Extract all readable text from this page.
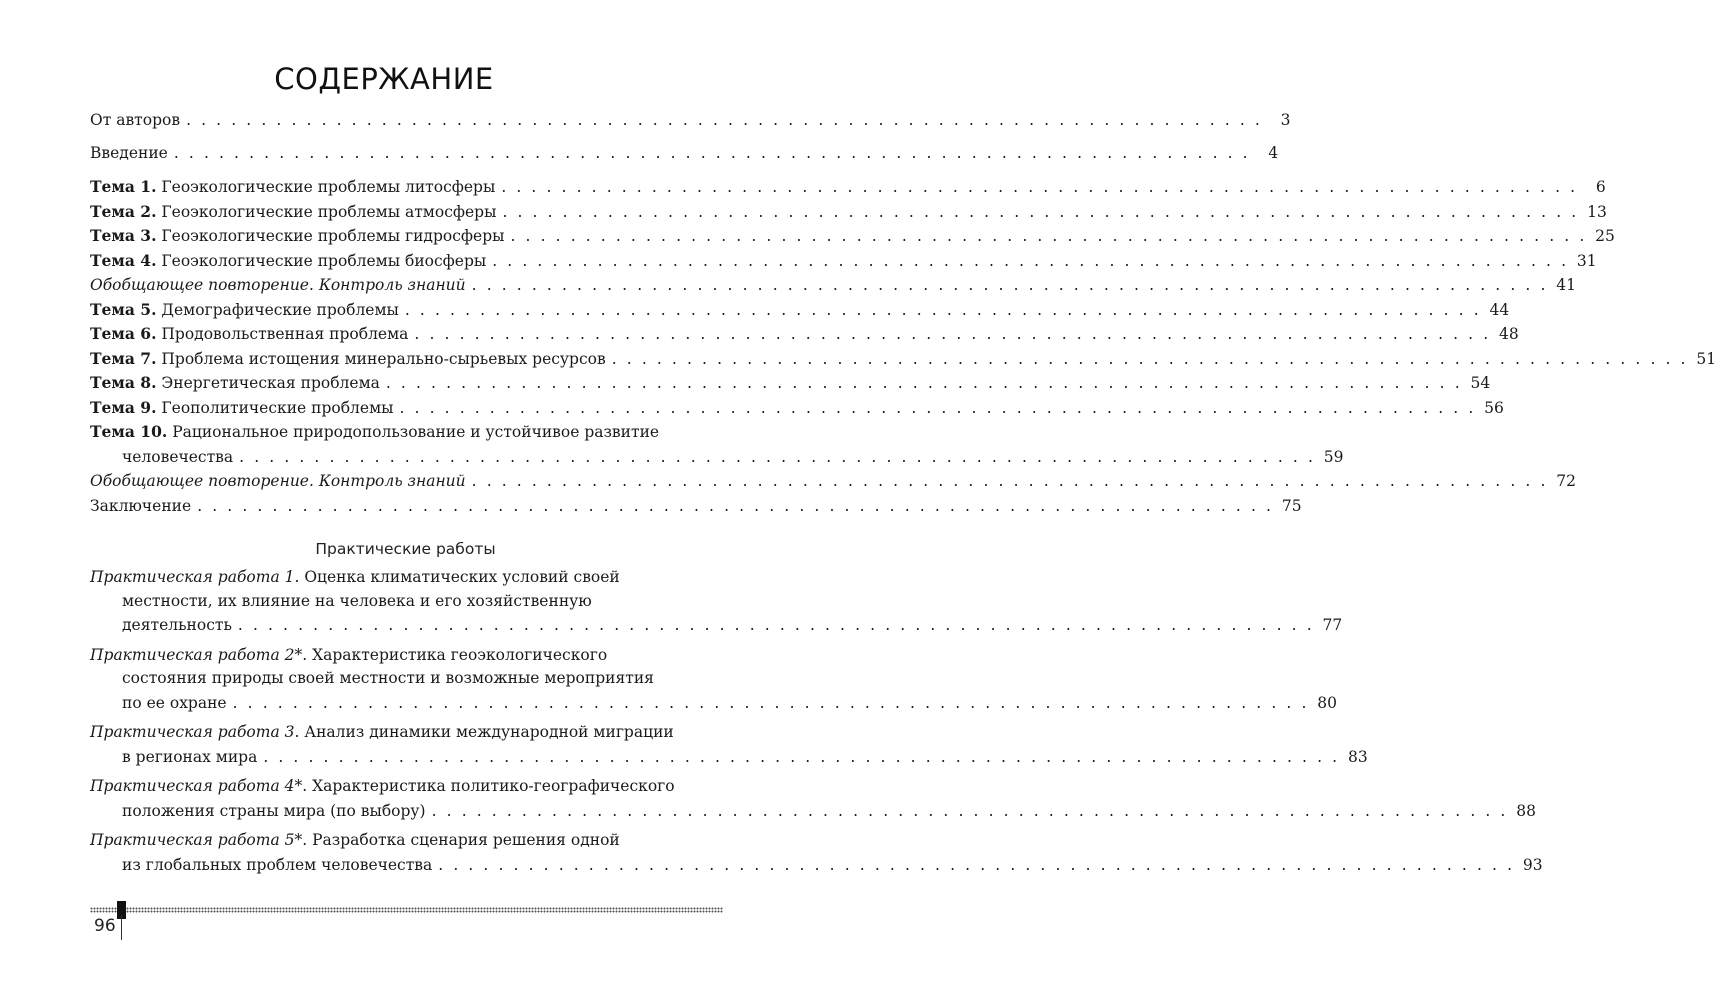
СОДЕРЖАНИЕ
От авторов . . . . . . . . . . . . . . . . . . . . . . . . . . . . . . . . . . . . . . . . . . . . . . . . . . . . . . . . . . . . . . . . . . . . . . . .	3
Введение . . . . . . . . . . . . . . . . . . . . . . . . . . . . . . . . . . . . . . . . . . . . . . . . . . . . . . . . . . . . . . . . . . . . . . . .	4
Тема 1. Геоэкологические проблемы литосферы . . . . . . . . . . . . . . . . . . . . . . . . . . . . . . . . . . . . . . . . . . . . . . . . . . . . . . . . . . . . . . . . . . . . . . . .	6
Тема 2. Геоэкологические проблемы атмосферы . . . . . . . . . . . . . . . . . . . . . . . . . . . . . . . . . . . . . . . . . . . . . . . . . . . . . . . . . . . . . . . . . . . . . . . . 13
Тема 3. Геоэкологические проблемы гидросферы . . . . . . . . . . . . . . . . . . . . . . . . . . . . . . . . . . . . . . . . . . . . . . . . . . . . . . . . . . . . . . . . . . . . . . . . 25
Тема 4. Геоэкологические проблемы биосферы . . . . . . . . . . . . . . . . . . . . . . . . . . . . . . . . . . . . . . . . . . . . . . . . . . . . . . . . . . . . . . . . . . . . . . . . 31
Обобщающее повторение. Контроль знаний . . . . . . . . . . . . . . . . . . . . . . . . . . . . . . . . . . . . . . . . . . . . . . . . . . . . . . . . . . . . . . . . . . . . . . . . 41
Тема 5. Демографические проблемы . . . . . . . . . . . . . . . . . . . . . . . . . . . . . . . . . . . . . . . . . . . . . . . . . . . . . . . . . . . . . . . . . . . . . . . . 44
Тема 6. Продовольственная проблема . . . . . . . . . . . . . . . . . . . . . . . . . . . . . . . . . . . . . . . . . . . . . . . . . . . . . . . . . . . . . . . . . . . . . . . . 48
Тема 7. Проблема истощения минерально-сырьевых ресурсов . . . . . . . . . . . . . . . . . . . . . . . . . . . . . . . . . . . . . . . . . . . . . . . . . . . . . . . . . . . . . . . . . . . . . . . . 51
Тема 8. Энергетическая проблема . . . . . . . . . . . . . . . . . . . . . . . . . . . . . . . . . . . . . . . . . . . . . . . . . . . . . . . . . . . . . . . . . . . . . . . . 54
Тема 9. Геополитические проблемы . . . . . . . . . . . . . . . . . . . . . . . . . . . . . . . . . . . . . . . . . . . . . . . . . . . . . . . . . . . . . . . . . . . . . . . . 56
Тема 10. Рациональное природопользование и устойчивое развитие
человечества . . . . . . . . . . . . . . . . . . . . . . . . . . . . . . . . . . . . . . . . . . . . . . . . . . . . . . . . . . . . . . . . . . . . . . . . 59
Обобщающее повторение. Контроль знаний . . . . . . . . . . . . . . . . . . . . . . . . . . . . . . . . . . . . . . . . . . . . . . . . . . . . . . . . . . . . . . . . . . . . . . . . 72
Заключение . . . . . . . . . . . . . . . . . . . . . . . . . . . . . . . . . . . . . . . . . . . . . . . . . . . . . . . . . . . . . . . . . . . . . . . . 75
Практические работы
Практическая работа 1. Оценка климатических условий своей
местности, их влияние на человека и его хозяйственную
деятельность . . . . . . . . . . . . . . . . . . . . . . . . . . . . . . . . . . . . . . . . . . . . . . . . . . . . . . . . . . . . . . . . . . . . . . . . 77
Практическая работа 2*. Характеристика геоэкологического
состояния природы своей местности и возможные мероприятия
по ее охране . . . . . . . . . . . . . . . . . . . . . . . . . . . . . . . . . . . . . . . . . . . . . . . . . . . . . . . . . . . . . . . . . . . . . . . . 80
Практическая работа 3. Анализ динамики международной миграции
в регионах мира . . . . . . . . . . . . . . . . . . . . . . . . . . . . . . . . . . . . . . . . . . . . . . . . . . . . . . . . . . . . . . . . . . . . . . . . 83
Практическая работа 4*. Характеристика политико-географического
положения страны мира (по выбору) . . . . . . . . . . . . . . . . . . . . . . . . . . . . . . . . . . . . . . . . . . . . . . . . . . . . . . . . . . . . . . . . . . . . . . . . 88
Практическая работа 5*. Разработка сценария решения одной
из глобальных проблем человечества . . . . . . . . . . . . . . . . . . . . . . . . . . . . . . . . . . . . . . . . . . . . . . . . . . . . . . . . . . . . . . . . . . . . . . . . 93
96
